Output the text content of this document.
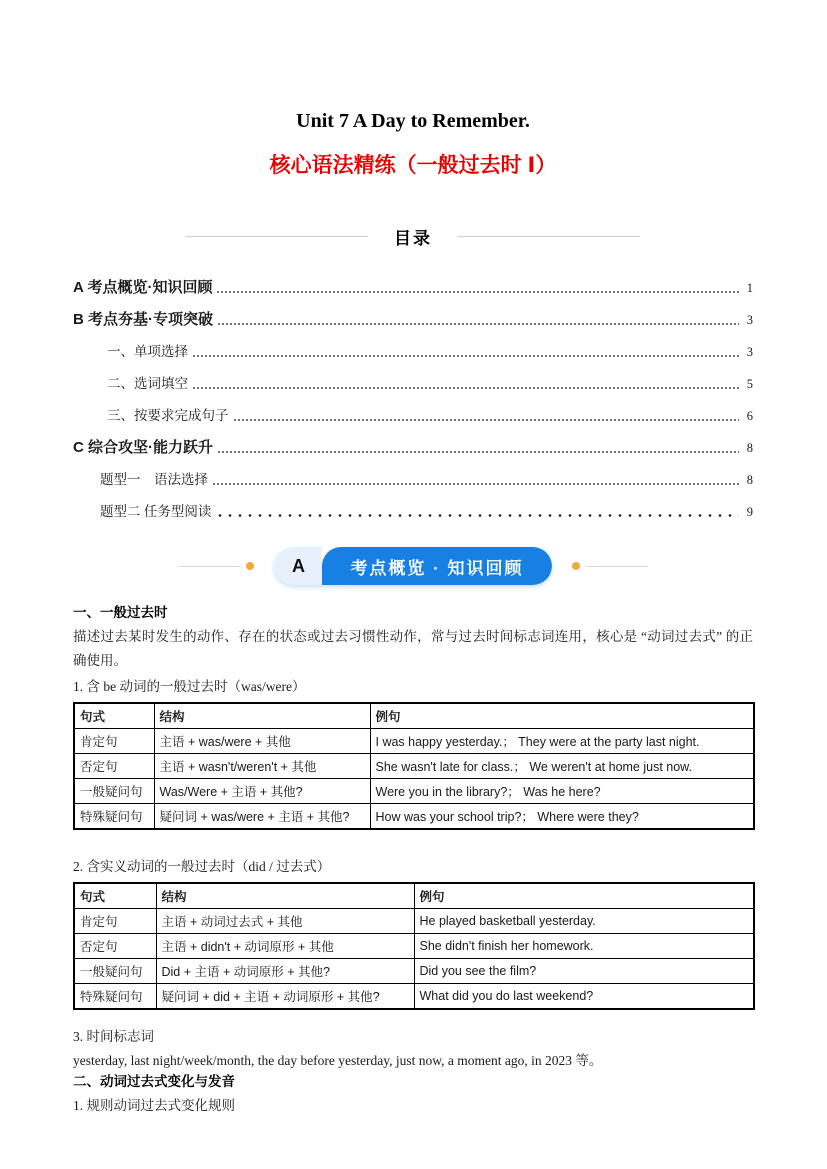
Unit 7 A Day to Remember.
核心语法精练（一般过去时 Ⅰ）
目录
A 考点概览·知识回顾	1
B 考点夯基·专项突破	3
一、单项选择	3
二、选词填空	5
三、按要求完成句子	6
C 综合攻坚·能力跃升	8
题型一　语法选择	8
题型二 任务型阅读	9
A	考点概览 · 知识回顾
一、一般过去时
描述过去某时发生的动作、存在的状态或过去习惯性动作，常与过去时间标志词连用，核心是 “动词过去式” 的正确使用。
1. 含 be 动词的一般过去时（was/were）
句式	结构	例句
肯定句	主语 + was/were + 其他	I was happy yesterday.； They were at the party last night.
否定句	主语 + wasn't/weren't + 其他	She wasn't late for class.； We weren't at home just now.
一般疑问句	Was/Were + 主语 + 其他?	Were you in the library?； Was he here?
特殊疑问句	疑问词 + was/were + 主语 + 其他?	How was your school trip?； Where were they?
2. 含实义动词的一般过去时（did / 过去式）
句式	结构	例句
肯定句	主语 + 动词过去式 + 其他	He played basketball yesterday.
否定句	主语 + didn't + 动词原形 + 其他	She didn't finish her homework.
一般疑问句	Did + 主语 + 动词原形 + 其他?	Did you see the film?
特殊疑问句	疑问词 + did + 主语 + 动词原形 + 其他?	What did you do last weekend?
3. 时间标志词
yesterday, last night/week/month, the day before yesterday, just now, a moment ago, in 2023 等。
二、动词过去式变化与发音
1. 规则动词过去式变化规则
